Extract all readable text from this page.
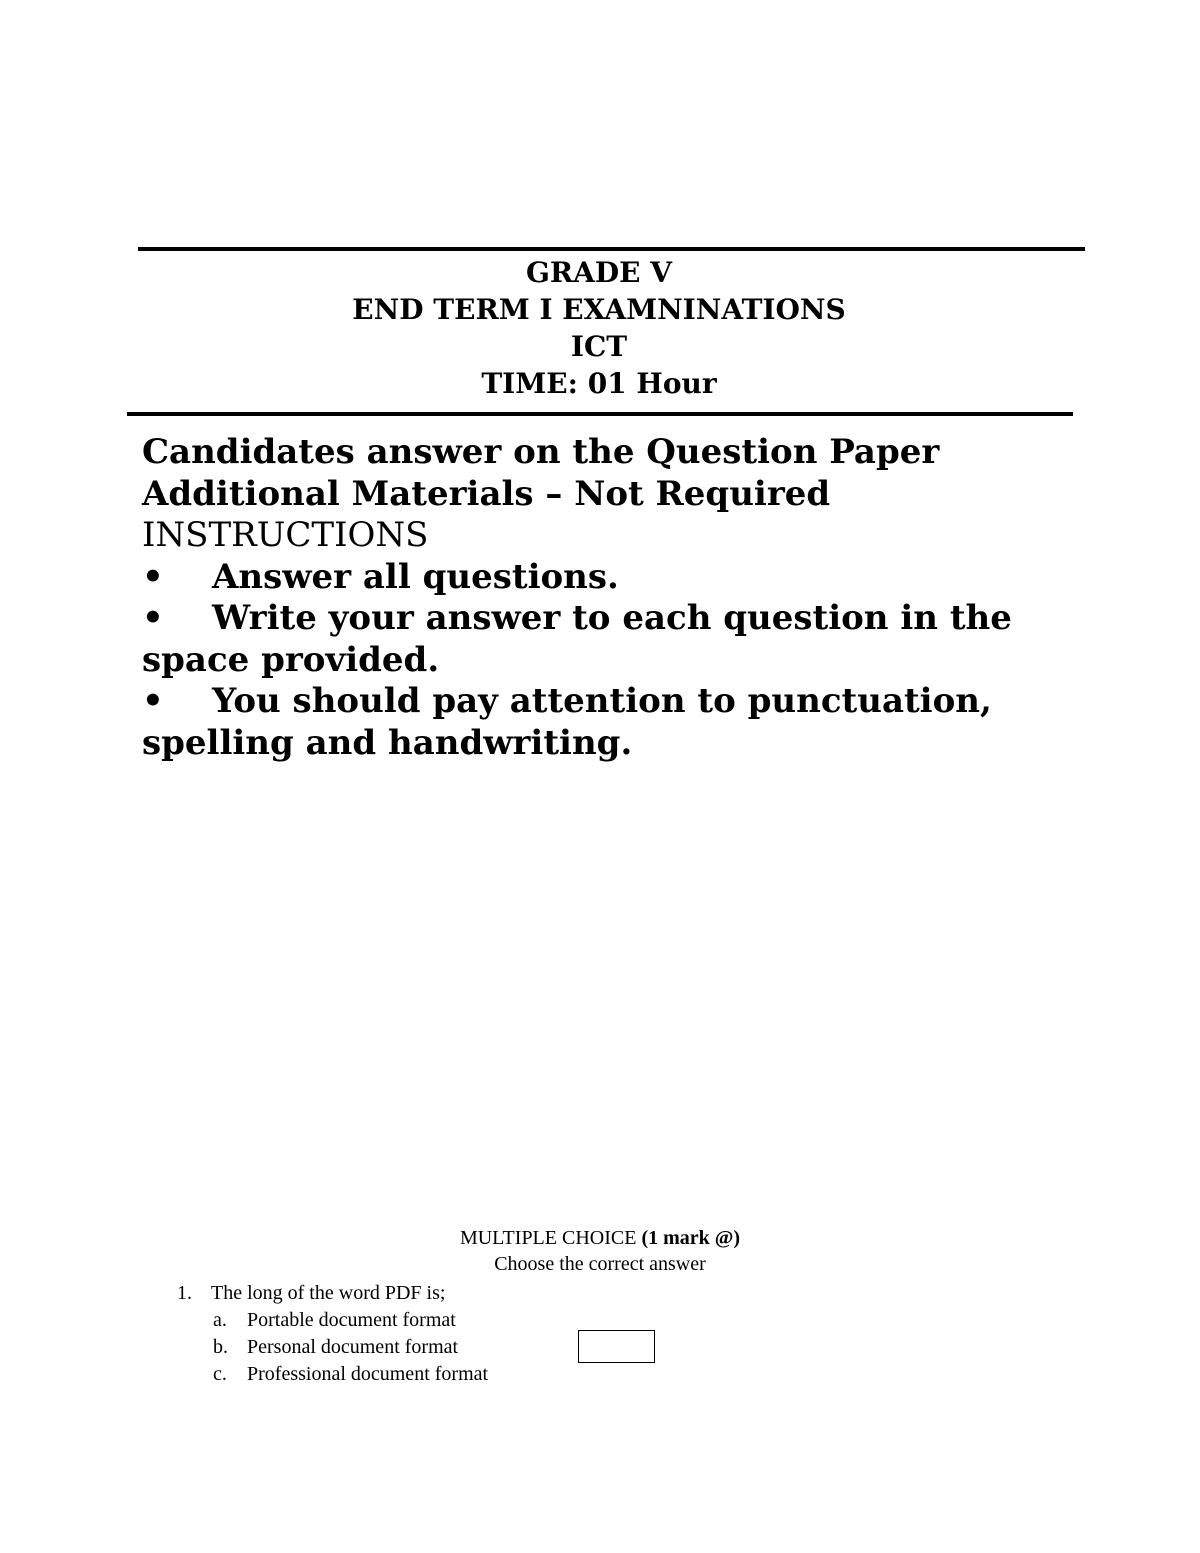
GRADE V
END TERM I EXAMNINATIONS
ICT
TIME: 01 Hour
Candidates answer on the Question Paper
Additional Materials – Not Required
INSTRUCTIONS
• Answer all questions.
• Write your answer to each question in the
space provided.
• You should pay attention to punctuation,
spelling and handwriting.
MULTIPLE CHOICE (1 mark @)
Choose the correct answer
1. The long of the word PDF is;
a. Portable document format
b. Personal document format
c. Professional document format
